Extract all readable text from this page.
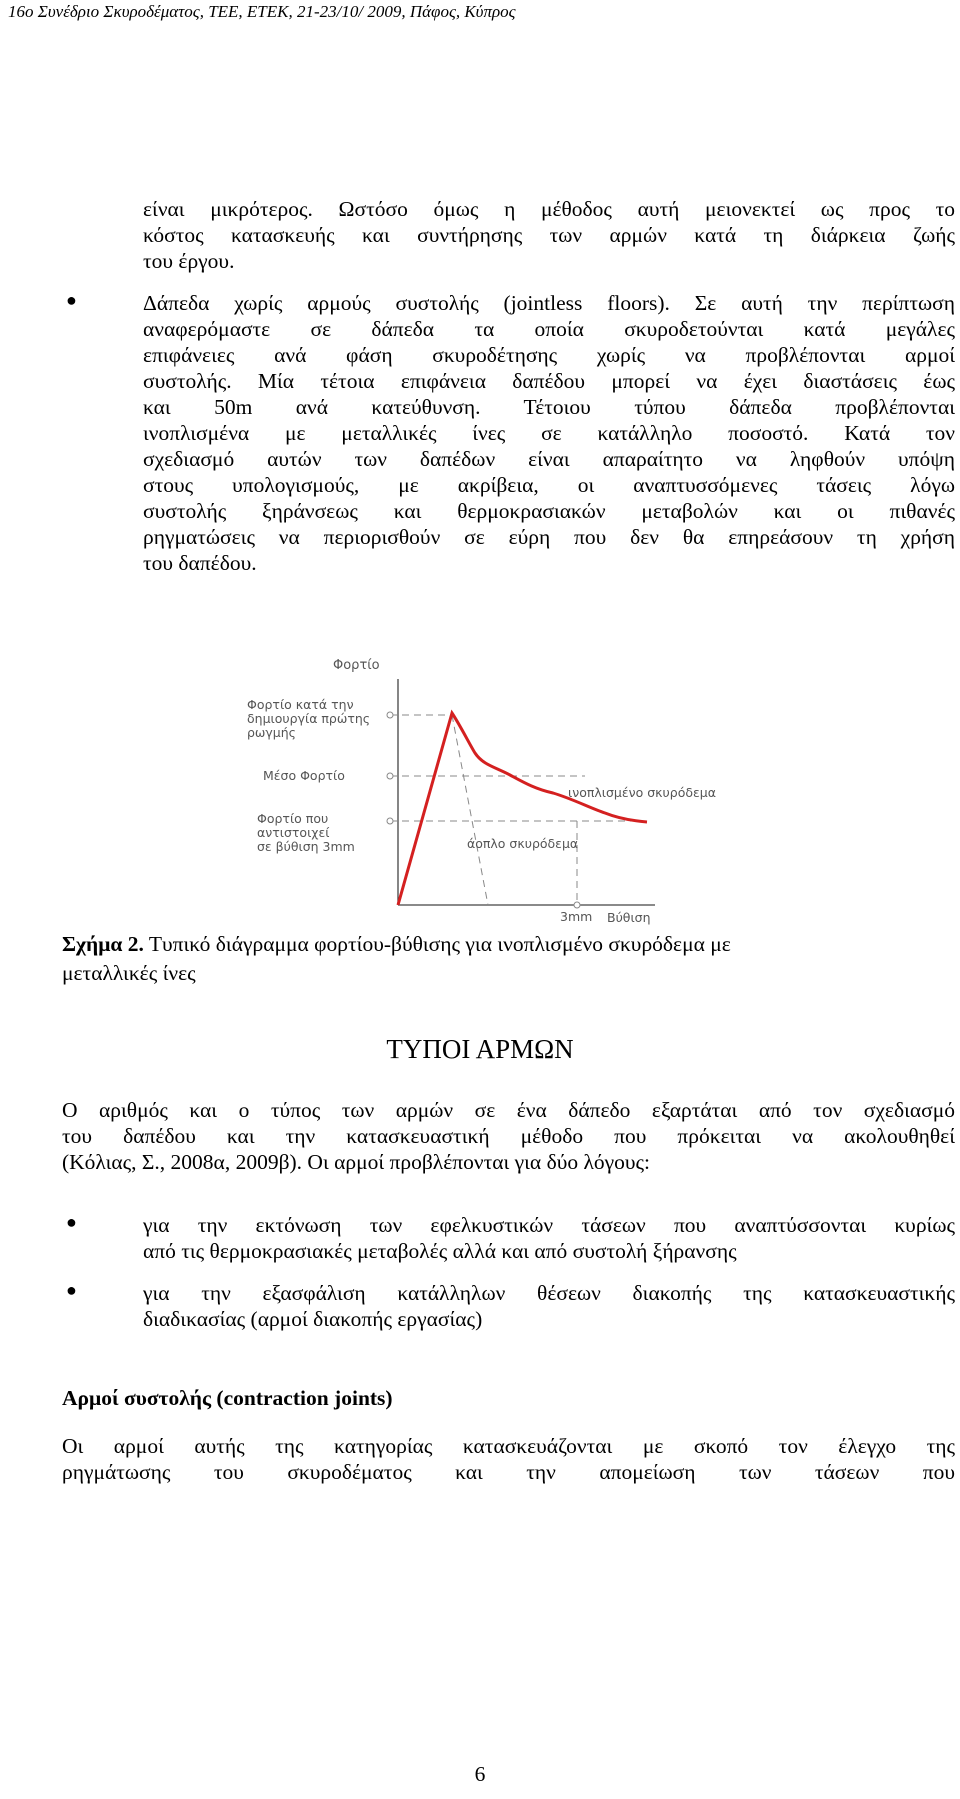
16ο Συνέδριο Σκυροδέματος, ΤΕΕ, ΕΤΕΚ, 21-23/10/ 2009, Πάφος, Κύπρος
είναι μικρότερος. Ωστόσο όμως η μέθοδος αυτή μειονεκτεί ως προς το
κόστος κατασκευής και συντήρησης των αρμών κατά τη διάρκεια ζωής
του έργου.
●	Δάπεδα χωρίς αρμούς συστολής (jointless floors). Σε αυτή την περίπτωση
αναφερόμαστε σε δάπεδα τα οποία σκυροδετούνται κατά μεγάλες
επιφάνειες ανά φάση σκυροδέτησης χωρίς να προβλέπονται αρμοί
συστολής. Μία τέτοια επιφάνεια δαπέδου μπορεί να έχει διαστάσεις έως
και 50m ανά κατεύθυνση. Τέτοιου τύπου δάπεδα προβλέπονται
ινοπλισμένα με μεταλλικές ίνες σε κατάλληλο ποσοστό. Κατά τον
σχεδιασμό αυτών των δαπέδων είναι απαραίτητο να ληφθούν υπόψη
στους υπολογισμούς, με ακρίβεια, οι αναπτυσσόμενες τάσεις λόγω
συστολής ξηράνσεως και θερμοκρασιακών μεταβολών και οι πιθανές
ρηγματώσεις να περιορισθούν σε εύρη που δεν θα επηρεάσουν τη χρήση
του δαπέδου.
Φορτίο
Φορτίο κατά την
δημιουργία πρώτης
ρωγμής
Μέσο Φορτίο
Φορτίο που
αντιστοιχεί
σε βύθιση 3mm
ινοπλισμένο σκυρόδεμα
άοπλο σκυρόδεμα
3mm Βύθιση
Σχήμα 2. Τυπικό διάγραμμα φορτίου-βύθισης για ινοπλισμένο σκυρόδεμα με
μεταλλικές ίνες
ΤΥΠΟΙ ΑΡΜΩΝ
Ο αριθμός και ο τύπος των αρμών σε ένα δάπεδο εξαρτάται από τον σχεδιασμό
του δαπέδου και την κατασκευαστική μέθοδο που πρόκειται να ακολουθηθεί
(Κόλιας, Σ., 2008α, 2009β). Οι αρμοί προβλέπονται για δύο λόγους:
●	για την εκτόνωση των εφελκυστικών τάσεων που αναπτύσσονται κυρίως
από τις θερμοκρασιακές μεταβολές αλλά και από συστολή ξήρανσης
●	για την εξασφάλιση κατάλληλων θέσεων διακοπής της κατασκευαστικής
διαδικασίας (αρμοί διακοπής εργασίας)
Αρμοί συστολής (contraction joints)
Οι αρμοί αυτής της κατηγορίας κατασκευάζονται με σκοπό τον έλεγχο της
ρηγμάτωσης του σκυροδέματος και την απομείωση των τάσεων που
6
